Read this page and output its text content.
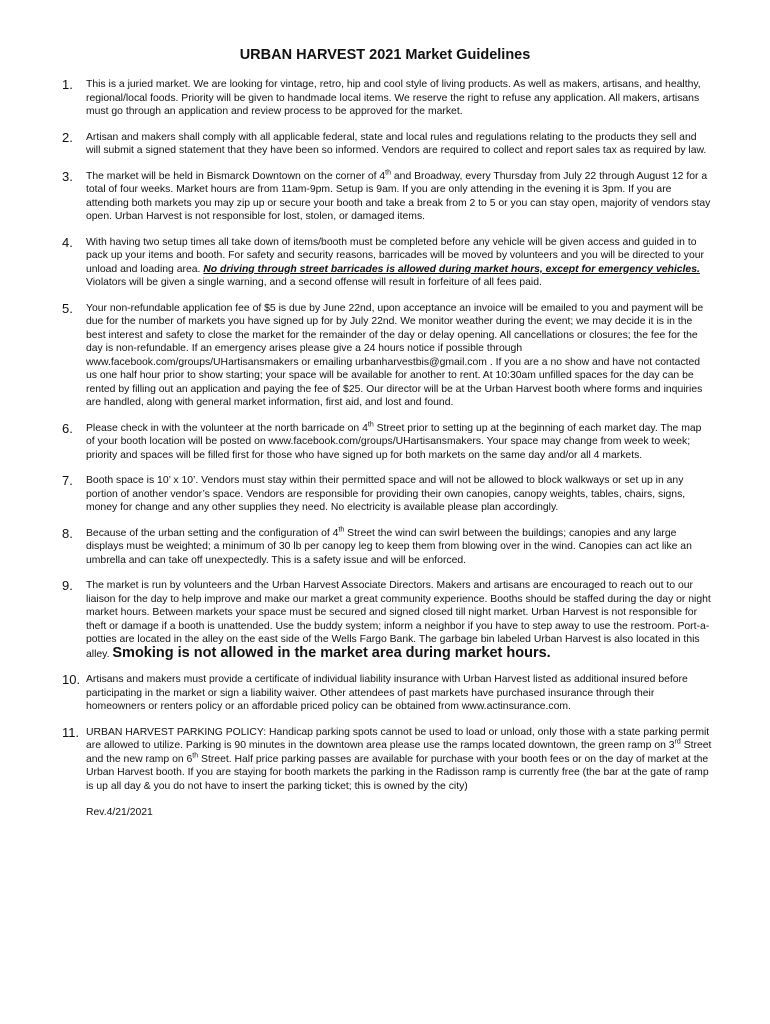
URBAN HARVEST 2021 Market Guidelines
1.	This is a juried market. We are looking for vintage, retro, hip and cool style of living products. As well as makers, artisans, and healthy, regional/local foods. Priority will be given to handmade local items. We reserve the right to refuse any application. All makers, artisans must go through an application and review process to be approved for the market.

2.	Artisan and makers shall comply with all applicable federal, state and local rules and regulations relating to the products they sell and will submit a signed statement that they have been so informed. Vendors are required to collect and report sales tax as required by law.

3.	The market will be held in Bismarck Downtown on the corner of 4th and Broadway, every Thursday from July 22 through August 12 for a total of four weeks. Market hours are from 11am-9pm. Setup is 9am. If you are only attending in the evening it is 3pm. If you are attending both markets you may zip up or secure your booth and take a break from 2 to 5 or you can stay open, majority of vendors stay open. Urban Harvest is not responsible for lost, stolen, or damaged items.

4.	With having two setup times all take down of items/booth must be completed before any vehicle will be given access and guided in to pack up your items and booth. For safety and security reasons, barricades will be moved by volunteers and you will be directed to your unload and loading area. No driving through street barricades is allowed during market hours, except for emergency vehicles. Violators will be given a single warning, and a second offense will result in forfeiture of all fees paid.

5.	Your non-refundable application fee of $5 is due by June 22nd, upon acceptance an invoice will be emailed to you and payment will be due for the number of markets you have signed up for by July 22nd. We monitor weather during the event; we may decide it is in the best interest and safety to close the market for the remainder of the day or delay opening. All cancellations or closures; the fee for the day is non-refundable. If an emergency arises please give a 24 hours notice if possible through www.facebook.com/groups/UHartisansmakers or emailing urbanharvestbis@gmail.com . If you are a no show and have not contacted us one half hour prior to show starting; your space will be available for another to rent. At 10:30am unfilled spaces for the day can be rented by filling out an application and paying the fee of $25. Our director will be at the Urban Harvest booth where forms and inquiries are handled, along with general market information, first aid, and lost and found.

6.	Please check in with the volunteer at the north barricade on 4th Street prior to setting up at the beginning of each market day. The map of your booth location will be posted on www.facebook.com/groups/UHartisansmakers. Your space may change from week to week; priority and spaces will be filled first for those who have signed up for both markets on the same day and/or all 4 markets.

7.	Booth space is 10’ x 10’. Vendors must stay within their permitted space and will not be allowed to block walkways or set up in any portion of another vendor’s space. Vendors are responsible for providing their own canopies, canopy weights, tables, chairs, signs, money for change and any other supplies they need. No electricity is available please plan accordingly.

8.	Because of the urban setting and the configuration of 4th Street the wind can swirl between the buildings; canopies and any large displays must be weighted; a minimum of 30 lb per canopy leg to keep them from blowing over in the wind. Canopies can act like an umbrella and can take off unexpectedly. This is a safety issue and will be enforced.

9.	The market is run by volunteers and the Urban Harvest Associate Directors. Makers and artisans are encouraged to reach out to our liaison for the day to help improve and make our market a great community experience. Booths should be staffed during the day or night market hours. Between markets your space must be secured and signed closed till night market. Urban Harvest is not responsible for theft or damage if a booth is unattended. Use the buddy system; inform a neighbor if you have to step away to use the restroom. Port-a-potties are located in the alley on the east side of the Wells Fargo Bank. The garbage bin labeled Urban Harvest is also located in this alley. Smoking is not allowed in the market area during market hours.

10. Artisans and makers must provide a certificate of individual liability insurance with Urban Harvest listed as additional insured before participating in the market or sign a liability waiver. Other attendees of past markets have purchased insurance through their homeowners or renters policy or an affordable priced policy can be obtained from www.actinsurance.com.

11. URBAN HARVEST PARKING POLICY: Handicap parking spots cannot be used to load or unload, only those with a state parking permit are allowed to utilize. Parking is 90 minutes in the downtown area please use the ramps located downtown, the green ramp on 3rd Street and the new ramp on 6th Street. Half price parking passes are available for purchase with your booth fees or on the day of market at the Urban Harvest booth. If you are staying for booth markets the parking in the Radisson ramp is currently free (the bar at the gate of ramp is up all day & you do not have to insert the parking ticket; this is owned by the city)

Rev.4/21/2021
